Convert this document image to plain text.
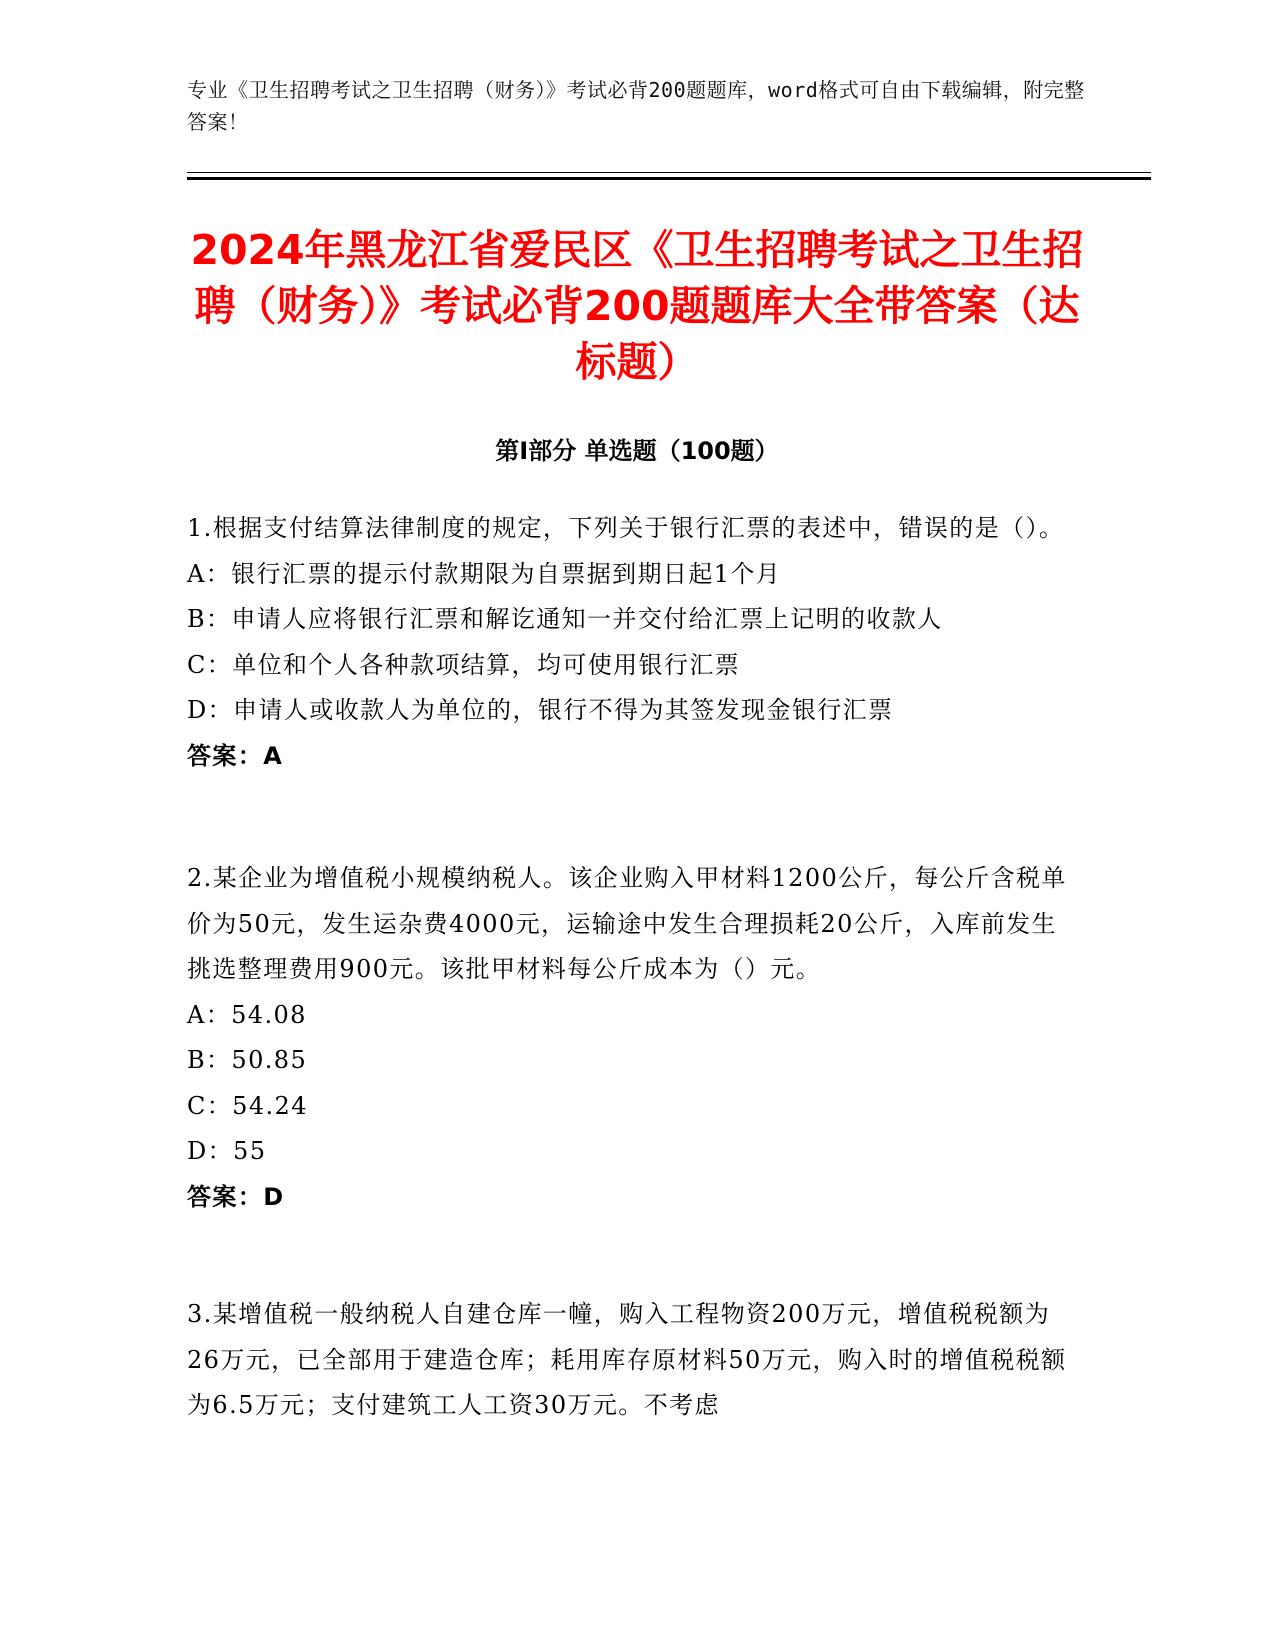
专业《卫生招聘考试之卫生招聘（财务）》考试必背200题题库，word格式可自由下载编辑，附完整答案！
2024年黑龙江省爱民区《卫生招聘考试之卫生招聘（财务）》考试必背200题题库大全带答案（达标题）
第Ⅰ部分 单选题（100题）
1.根据支付结算法律制度的规定，下列关于银行汇票的表述中，错误的是（）。
A：银行汇票的提示付款期限为自票据到期日起1个月
B：申请人应将银行汇票和解讫通知一并交付给汇票上记明的收款人
C：单位和个人各种款项结算，均可使用银行汇票
D：申请人或收款人为单位的，银行不得为其签发现金银行汇票
答案：A
2.某企业为增值税小规模纳税人。该企业购入甲材料1200公斤，每公斤含税单价为50元，发生运杂费4000元，运输途中发生合理损耗20公斤，入库前发生挑选整理费用900元。该批甲材料每公斤成本为（）元。
A：54.08
B：50.85
C：54.24
D：55
答案：D
3.某增值税一般纳税人自建仓库一幢，购入工程物资200万元，增值税税额为26万元，已全部用于建造仓库；耗用库存原材料50万元，购入时的增值税税额为6.5万元；支付建筑工人工资30万元。不考虑
